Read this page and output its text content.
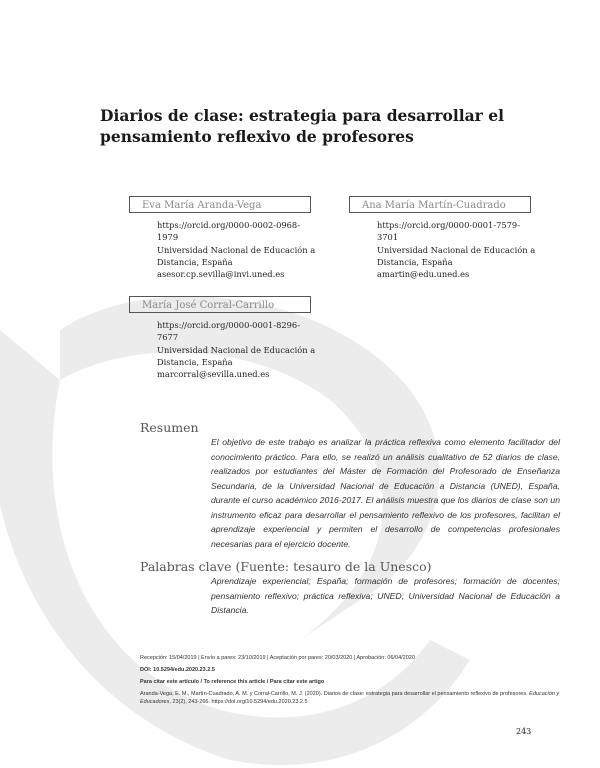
Diarios de clase: estrategia para desarrollar el pensamiento reflexivo de profesores
Eva María Aranda-Vega
https://orcid.org/0000-0002-0968-1979
Universidad Nacional de Educación a Distancia, España
asesor.cp.sevilla@invi.uned.es
Ana María Martín-Cuadrado
https://orcid.org/0000-0001-7579-3701
Universidad Nacional de Educación a Distancia, España
amartin@edu.uned.es
María José Corral-Carrillo
https://orcid.org/0000-0001-8296-7677
Universidad Nacional de Educación a Distancia, España
marcorral@sevilla.uned.es
Resumen
El objetivo de este trabajo es analizar la práctica reflexiva como elemento facilitador del conocimiento práctico. Para ello, se realizó un análisis cualitativo de 52 diarios de clase, realizados por estudiantes del Máster de Formación del Profesorado de Enseñanza Secundaria, de la Universidad Nacional de Educación a Distancia (UNED), España, durante el curso académico 2016-2017. El análisis muestra que los diarios de clase son un instrumento eficaz para desarrollar el pensamiento reflexivo de los profesores, facilitan el aprendizaje experiencial y permiten el desarrollo de competencias profesionales necesarias para el ejercicio docente.
Palabras clave (Fuente: tesauro de la Unesco)
Aprendizaje experiencial; España; formación de profesores; formación de docentes; pensamiento reflexivo; práctica reflexiva; UNED; Universidad Nacional de Educación a Distancia.
Recepción: 15/04/2019 | Envío a pares: 23/10/2019 | Aceptación por pares: 20/03/2020 | Aprobación: 06/04/2020
DOI: 10.5294/edu.2020.23.2.5
Para citar este artículo / To reference this article / Para citar este artigo
Aranda-Vega, E. M., Martín-Cuadrado, A. M. y Corral-Carrillo, M. J. (2020). Diarios de clase: estrategia para desarrollar el pensamiento reflexivo de profesores. Educación y Educadores, 23(2), 243-266. https://doi.org/10.5294/edu.2020.23.2.5
243
